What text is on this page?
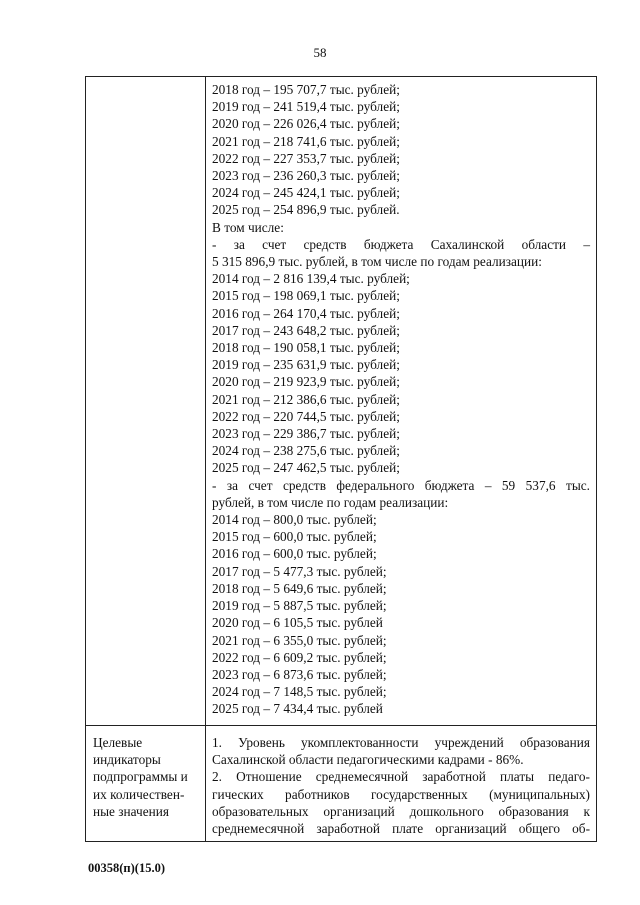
58
2018 год – 195 707,7 тыс. рублей;
2019 год – 241 519,4 тыс. рублей;
2020 год – 226 026,4 тыс. рублей;
2021 год – 218 741,6 тыс. рублей;
2022 год – 227 353,7 тыс. рублей;
2023 год – 236 260,3 тыс. рублей;
2024 год – 245 424,1 тыс. рублей;
2025 год – 254 896,9 тыс. рублей.
В том числе:
- за счет средств бюджета Сахалинской области –
5 315 896,9 тыс. рублей, в том числе по годам реализации:
2014 год – 2 816 139,4 тыс. рублей;
2015 год – 198 069,1 тыс. рублей;
2016 год – 264 170,4 тыс. рублей;
2017 год – 243 648,2 тыс. рублей;
2018 год – 190 058,1 тыс. рублей;
2019 год – 235 631,9 тыс. рублей;
2020 год – 219 923,9 тыс. рублей;
2021 год – 212 386,6 тыс. рублей;
2022 год – 220 744,5 тыс. рублей;
2023 год – 229 386,7 тыс. рублей;
2024 год – 238 275,6 тыс. рублей;
2025 год – 247 462,5 тыс. рублей;
- за счет средств федерального бюджета – 59 537,6 тыс.
рублей, в том числе по годам реализации:
2014 год – 800,0 тыс. рублей;
2015 год – 600,0 тыс. рублей;
2016 год – 600,0 тыс. рублей;
2017 год – 5 477,3 тыс. рублей;
2018 год – 5 649,6 тыс. рублей;
2019 год – 5 887,5 тыс. рублей;
2020 год – 6 105,5 тыс. рублей
2021 год – 6 355,0 тыс. рублей;
2022 год – 6 609,2 тыс. рублей;
2023 год – 6 873,6 тыс. рублей;
2024 год – 7 148,5 тыс. рублей;
2025 год – 7 434,4 тыс. рублей
Целевые
индикаторы
подпрограммы и
их количествен-
ные значения
1. Уровень укомплектованности учреждений образования
Сахалинской области педагогическими кадрами - 86%.
2. Отношение среднемесячной заработной платы педаго-
гических работников государственных (муниципальных)
образовательных организаций дошкольного образования к
среднемесячной заработной плате организаций общего об-
00358(п)(15.0)
